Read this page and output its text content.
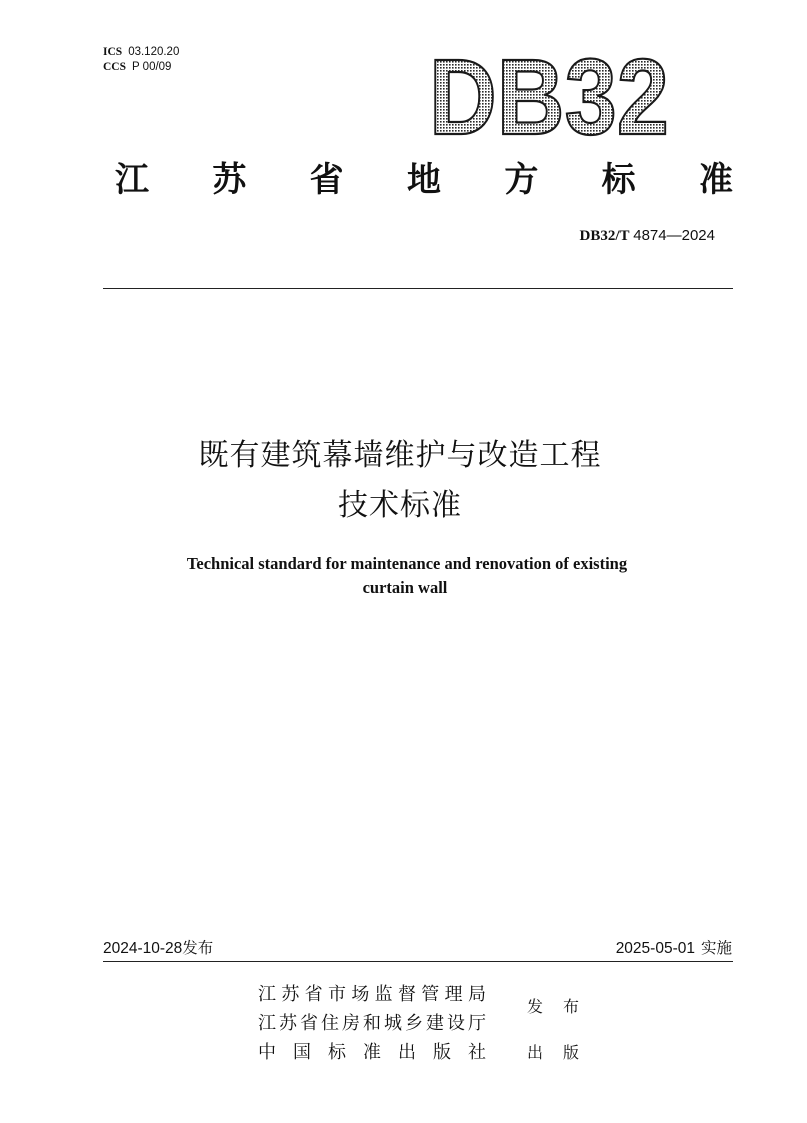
ICS 03.120.20
CCS P 00/09 DB32
江 苏 省 地 方 标 准
DB32/T 4874—2024
既有建筑幕墙维护与改造工程
技术标准
Technical standard for maintenance and renovation of existing
curtain wall
2024-10-28发布	2025-05-01 实施
江 苏 省 市 场 监 督 管 理 局
江 苏 省 住 房 和 城 乡 建 设 厅
中 国 标 准 出 版 社
发 布
出 版
